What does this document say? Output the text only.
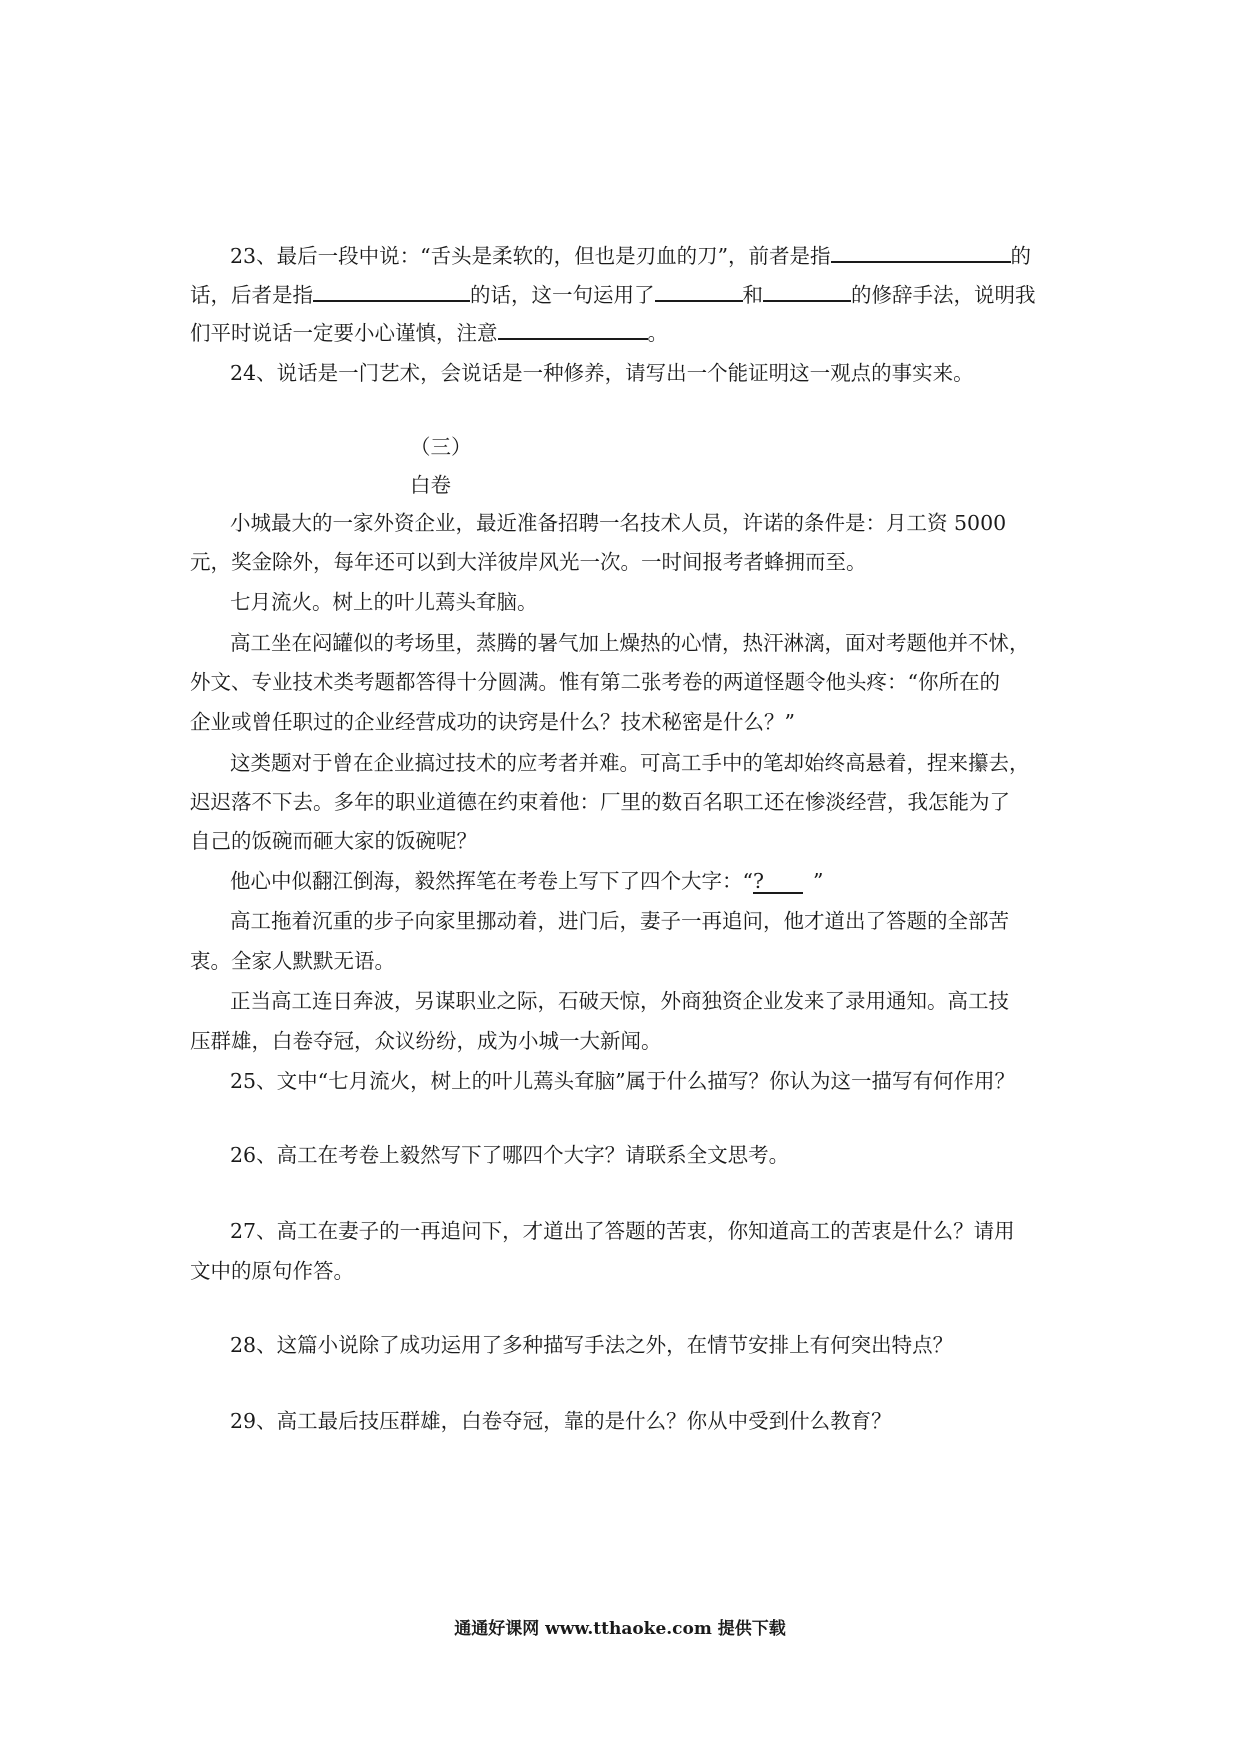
23、最后一段中说：“舌头是柔软的，但也是刃血的刀”，前者是指	的
话，后者是指	的话，这一句运用了	和	的修辞手法，说明我
们平时说话一定要小心谨慎，注意	。
24、说话是一门艺术，会说话是一种修养，请写出一个能证明这一观点的事实来。
（三）
白卷
小城最大的一家外资企业，最近准备招聘一名技术人员，许诺的条件是：月工资 5000
元，奖金除外，每年还可以到大洋彼岸风光一次。一时间报考者蜂拥而至。
七月流火。树上的叶儿蔫头耷脑。
高工坐在闷罐似的考场里，蒸腾的暑气加上燥热的心情，热汗淋漓，面对考题他并不怵，
外文、专业技术类考题都答得十分圆满。惟有第二张考卷的两道怪题令他头疼：“你所在的
企业或曾任职过的企业经营成功的诀窍是什么？技术秘密是什么？”
这类题对于曾在企业搞过技术的应考者并难。可高工手中的笔却始终高悬着，捏来攥去，
迟迟落不下去。多年的职业道德在约束着他：厂里的数百名职工还在惨淡经营，我怎能为了
自己的饭碗而砸大家的饭碗呢？
他心中似翻江倒海，毅然挥笔在考卷上写下了四个大字：“? ”
高工拖着沉重的步子向家里挪动着，进门后，妻子一再追问，他才道出了答题的全部苦
衷。全家人默默无语。
正当高工连日奔波，另谋职业之际，石破天惊，外商独资企业发来了录用通知。高工技
压群雄，白卷夺冠，众议纷纷，成为小城一大新闻。
25、文中“七月流火，树上的叶儿蔫头耷脑”属于什么描写？你认为这一描写有何作用？
26、高工在考卷上毅然写下了哪四个大字？请联系全文思考。
27、高工在妻子的一再追问下，才道出了答题的苦衷，你知道高工的苦衷是什么？请用
文中的原句作答。
28、这篇小说除了成功运用了多种描写手法之外，在情节安排上有何突出特点？
29、高工最后技压群雄，白卷夺冠，靠的是什么？你从中受到什么教育？
通通好课网 www.tthaoke.com 提供下载
